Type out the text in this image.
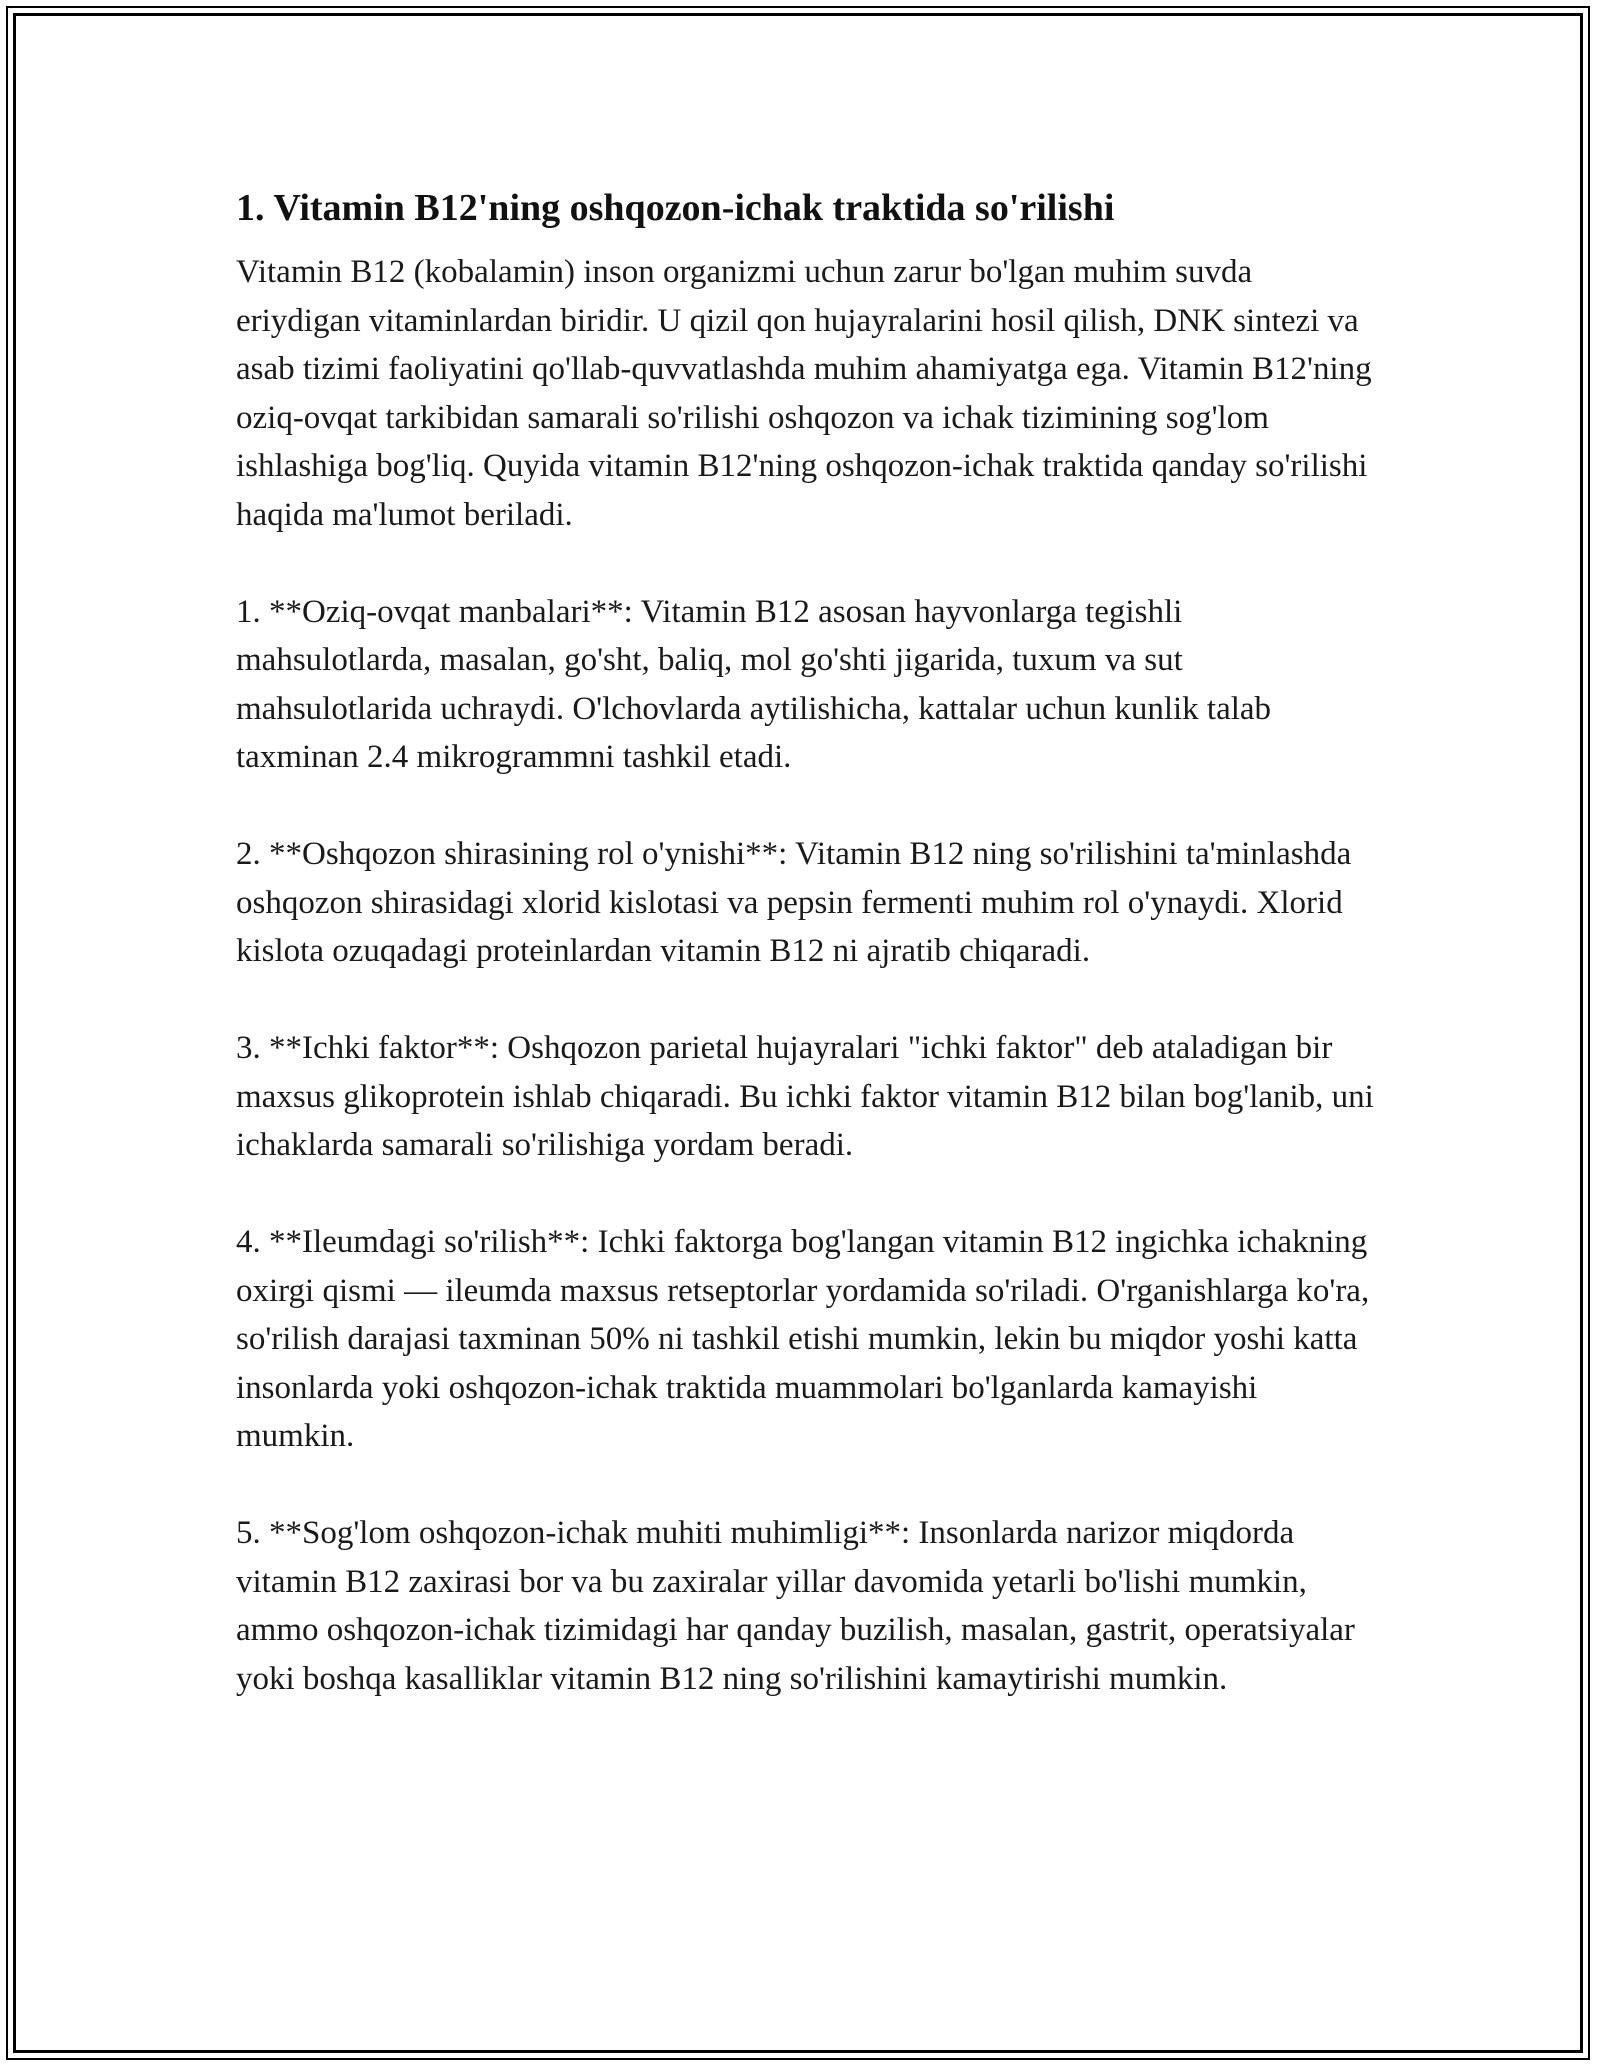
1. Vitamin B12'ning oshqozon-ichak traktida so'rilishi

Vitamin B12 (kobalamin) inson organizmi uchun zarur bo'lgan muhim suvda eriydigan vitaminlardan biridir. U qizil qon hujayralarini hosil qilish, DNK sintezi va asab tizimi faoliyatini qo'llab-quvvatlashda muhim ahamiyatga ega. Vitamin B12'ning oziq-ovqat tarkibidan samarali so'rilishi oshqozon va ichak tizimining sog'lom ishlashiga bog'liq. Quyida vitamin B12'ning oshqozon-ichak traktida qanday so'rilishi haqida ma'lumot beriladi.

1. **Oziq-ovqat manbalari**: Vitamin B12 asosan hayvonlarga tegishli mahsulotlarda, masalan, go'sht, baliq, mol go'shti jigarida, tuxum va sut mahsulotlarida uchraydi. O'lchovlarda aytilishicha, kattalar uchun kunlik talab taxminan 2.4 mikrogrammni tashkil etadi.

2. **Oshqozon shirasining rol o'ynishi**: Vitamin B12 ning so'rilishini ta'minlashda oshqozon shirasidagi xlorid kislotasi va pepsin fermenti muhim rol o'ynaydi. Xlorid kislota ozuqadagi proteinlardan vitamin B12 ni ajratib chiqaradi.

3. **Ichki faktor**: Oshqozon parietal hujayralari "ichki faktor" deb ataladigan bir maxsus glikoprotein ishlab chiqaradi. Bu ichki faktor vitamin B12 bilan bog'lanib, uni ichaklarda samarali so'rilishiga yordam beradi.

4. **Ileumdagi so'rilish**: Ichki faktorga bog'langan vitamin B12 ingichka ichakning oxirgi qismi — ileumda maxsus retseptorlar yordamida so'riladi. O'rganishlarga ko'ra, so'rilish darajasi taxminan 50% ni tashkil etishi mumkin, lekin bu miqdor yoshi katta insonlarda yoki oshqozon-ichak traktida muammolari bo'lganlarda kamayishi mumkin.

5. **Sog'lom oshqozon-ichak muhiti muhimligi**: Insonlarda narizor miqdorda vitamin B12 zaxirasi bor va bu zaxiralar yillar davomida yetarli bo'lishi mumkin, ammo oshqozon-ichak tizimidagi har qanday buzilish, masalan, gastrit, operatsiyalar yoki boshqa kasalliklar vitamin B12 ning so'rilishini kamaytirishi mumkin.
